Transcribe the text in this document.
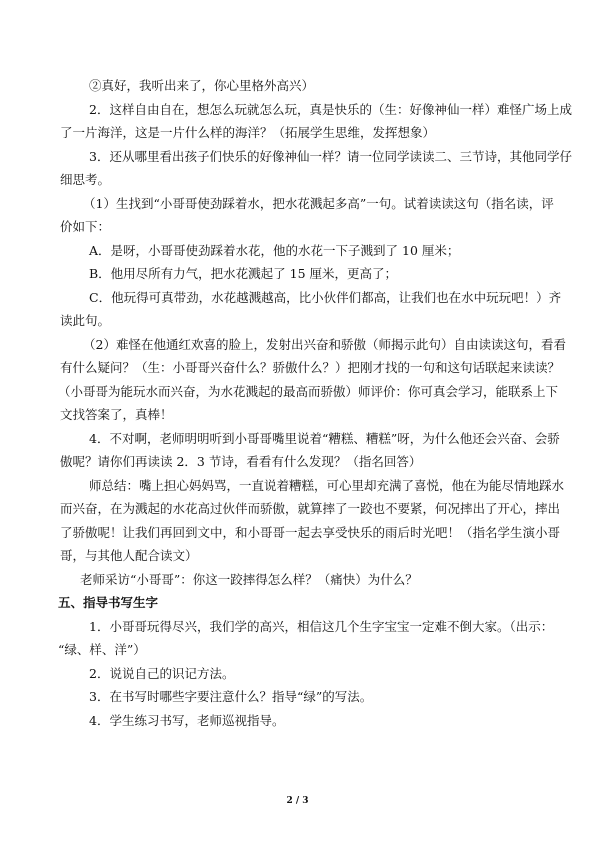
②真好，我听出来了，你心里格外高兴）
2．这样自由自在，想怎么玩就怎么玩，真是快乐的（生：好像神仙一样）难怪广场上成
了一片海洋，这是一片什么样的海洋？（拓展学生思维，发挥想象）
3．还从哪里看出孩子们快乐的好像神仙一样？请一位同学读读二、三节诗，其他同学仔
细思考。
（1）生找到“小哥哥使劲踩着水，把水花溅起多高”一句。试着读读这句（指名读，评
价如下：
A．是呀，小哥哥使劲踩着水花，他的水花一下子溅到了 10 厘米；
B．他用尽所有力气，把水花溅起了 15 厘米，更高了；
C．他玩得可真带劲，水花越溅越高，比小伙伴们都高，让我们也在水中玩玩吧！）齐
读此句。
（2）难怪在他通红欢喜的脸上，发射出兴奋和骄傲（师揭示此句）自由读读这句，看看
有什么疑问？（生：小哥哥兴奋什么？骄傲什么？）把刚才找的一句和这句话联起来读读？
（小哥哥为能玩水而兴奋，为水花溅起的最高而骄傲）师评价：你可真会学习，能联系上下
文找答案了，真棒！
4．不对啊，老师明明听到小哥哥嘴里说着“糟糕、糟糕”呀，为什么他还会兴奋、会骄
傲呢？请你们再读读 2．3 节诗，看看有什么发现？（指名回答）
师总结：嘴上担心妈妈骂，一直说着糟糕，可心里却充满了喜悦，他在为能尽情地踩水
而兴奋，在为溅起的水花高过伙伴而骄傲，就算摔了一跤也不要紧，何况摔出了开心，摔出
了骄傲呢！让我们再回到文中，和小哥哥一起去享受快乐的雨后时光吧！（指名学生演小哥
哥，与其他人配合读文）
老师采访“小哥哥”：你这一跤摔得怎么样？（痛快）为什么？
五、指导书写生字
1．小哥哥玩得尽兴，我们学的高兴，相信这几个生字宝宝一定难不倒大家。（出示：
“绿、样、洋”）
2．说说自己的识记方法。
3．在书写时哪些字要注意什么？指导“绿”的写法。
4．学生练习书写，老师巡视指导。
2 / 3
